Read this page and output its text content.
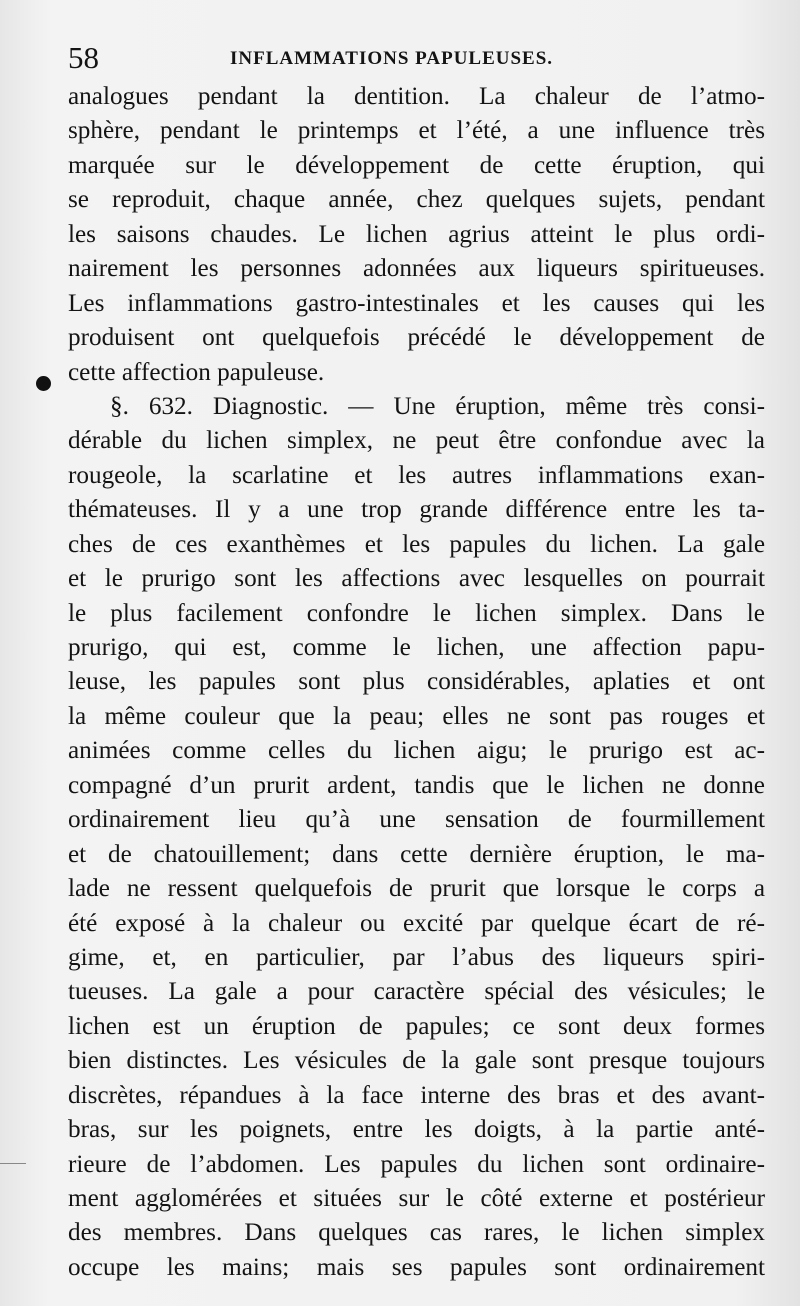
58	INFLAMMATIONS PAPULEUSES.
analogues pendant la dentition. La chaleur de l’atmo-
sphère, pendant le printemps et l’été, a une influence très
marquée sur le développement de cette éruption, qui
se reproduit, chaque année, chez quelques sujets, pendant
les saisons chaudes. Le lichen agrius atteint le plus ordi-
nairement les personnes adonnées aux liqueurs spiritueuses.
Les inflammations gastro-intestinales et les causes qui les
produisent ont quelquefois précédé le développement de
cette affection papuleuse.
§. 632. Diagnostic. — Une éruption, même très consi-
dérable du lichen simplex, ne peut être confondue avec la
rougeole, la scarlatine et les autres inflammations exan-
thémateuses. Il y a une trop grande différence entre les ta-
ches de ces exanthèmes et les papules du lichen. La gale
et le prurigo sont les affections avec lesquelles on pourrait
le plus facilement confondre le lichen simplex. Dans le
prurigo, qui est, comme le lichen, une affection papu-
leuse, les papules sont plus considérables, aplaties et ont
la même couleur que la peau; elles ne sont pas rouges et
animées comme celles du lichen aigu; le prurigo est ac-
compagné d’un prurit ardent, tandis que le lichen ne donne
ordinairement lieu qu’à une sensation de fourmillement
et de chatouillement; dans cette dernière éruption, le ma-
lade ne ressent quelquefois de prurit que lorsque le corps a
été exposé à la chaleur ou excité par quelque écart de ré-
gime, et, en particulier, par l’abus des liqueurs spiri-
tueuses. La gale a pour caractère spécial des vésicules; le
lichen est un éruption de papules; ce sont deux formes
bien distinctes. Les vésicules de la gale sont presque toujours
discrètes, répandues à la face interne des bras et des avant-
bras, sur les poignets, entre les doigts, à la partie anté-
rieure de l’abdomen. Les papules du lichen sont ordinaire-
ment agglomérées et situées sur le côté externe et postérieur
des membres. Dans quelques cas rares, le lichen simplex
occupe les mains; mais ses papules sont ordinairement
